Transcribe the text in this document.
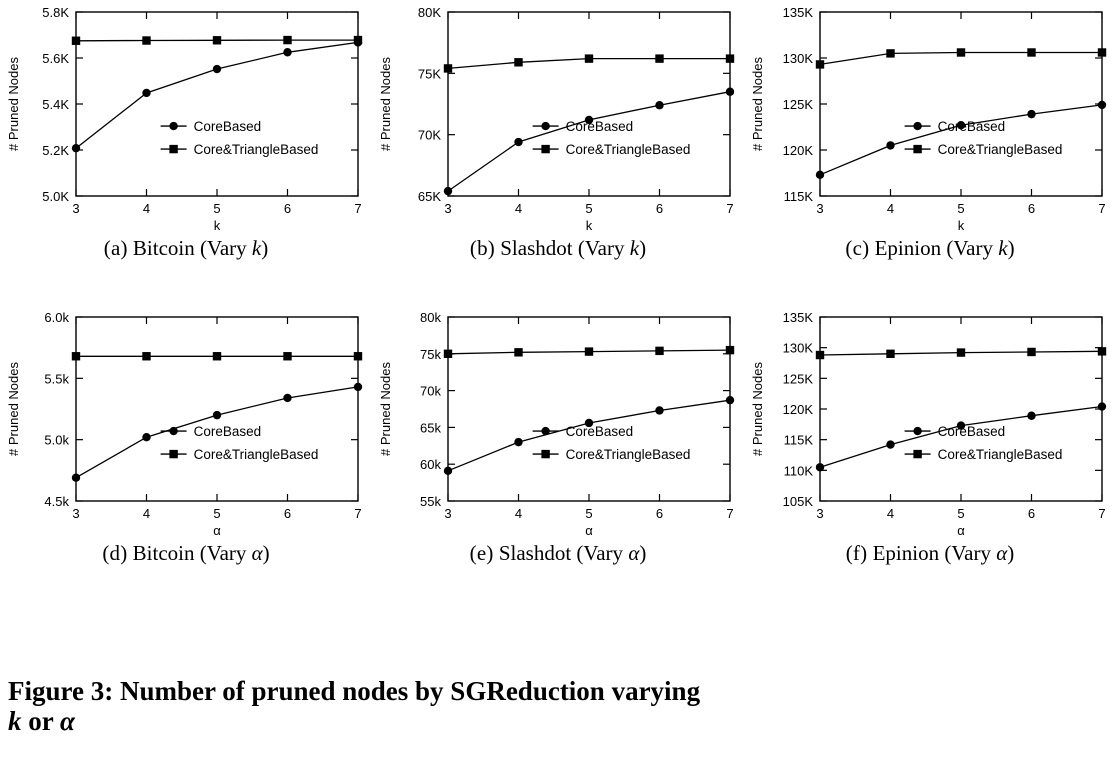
5.0K
5.2K
5.4K
5.6K
5.8K
3	4	5	6	7
k
# Pruned Nodes	CoreBased
Core&TriangleBased
(a) Bitcoin (Vary k)
65K
70K
75K
80K
3	4	5	6	7
k
# Pruned Nodes	CoreBased
Core&TriangleBased
(b) Slashdot (Vary k)
115K
120K
125K
130K
135K
3	4	5	6	7
k
# Pruned Nodes	CoreBased
Core&TriangleBased
(c) Epinion (Vary k)
4.5k
5.0k
5.5k
6.0k
3	4	5	6	7
α
# Pruned Nodes	CoreBased
Core&TriangleBased
(d) Bitcoin (Vary α)
55k
60k
65k
70k
75k
80k
3	4	5	6	7
α
# Pruned Nodes	CoreBased
Core&TriangleBased
(e) Slashdot (Vary α)
105K
110K
115K
120K
125K
130K
135K
3	4	5	6	7
α
# Pruned Nodes	CoreBased
Core&TriangleBased
(f) Epinion (Vary α)
Figure 3: Number of pruned nodes by SGReduction varying
k or α
